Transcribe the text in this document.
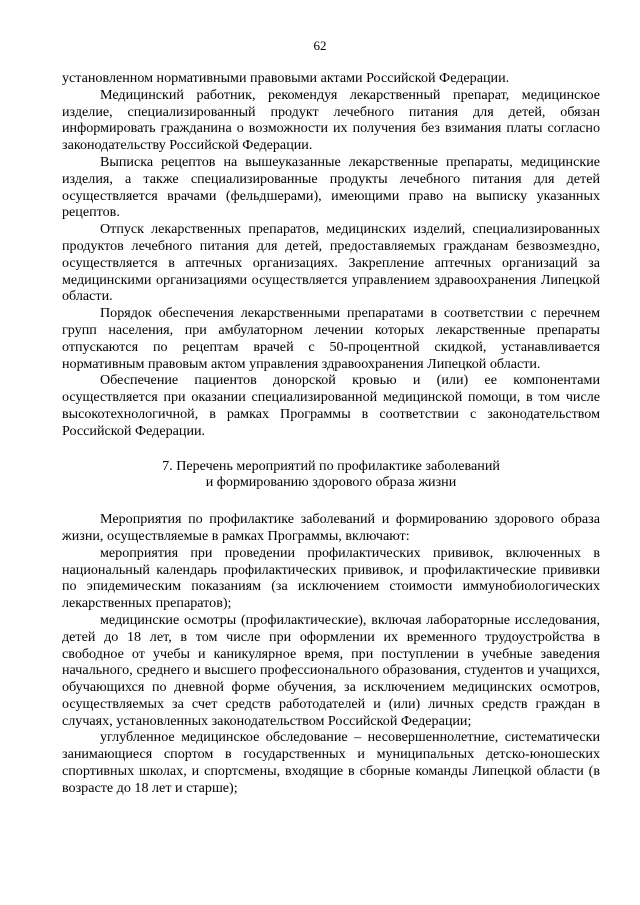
62

установленном нормативными правовыми актами Российской Федерации.

Медицинский работник, рекомендуя лекарственный препарат, медицинское изделие, специализированный продукт лечебного питания для детей, обязан информировать гражданина о возможности их получения без взимания платы согласно законодательству Российской Федерации.

Выписка рецептов на вышеуказанные лекарственные препараты, медицинские изделия, а также специализированные продукты лечебного питания для детей осуществляется врачами (фельдшерами), имеющими право на выписку указанных рецептов.

Отпуск лекарственных препаратов, медицинских изделий, специализированных продуктов лечебного питания для детей, предоставляемых гражданам безвозмездно, осуществляется в аптечных организациях. Закрепление аптечных организаций за медицинскими организациями осуществляется управлением здравоохранения Липецкой области.

Порядок обеспечения лекарственными препаратами в соответствии с перечнем групп населения, при амбулаторном лечении которых лекарственные препараты отпускаются по рецептам врачей с 50-процентной скидкой, устанавливается нормативным правовым актом управления здравоохранения Липецкой области.

Обеспечение пациентов донорской кровью и (или) ее компонентами осуществляется при оказании специализированной медицинской помощи, в том числе высокотехнологичной, в рамках Программы в соответствии с законодательством Российской Федерации.

7. Перечень мероприятий по профилактике заболеваний
и формированию здорового образа жизни

Мероприятия по профилактике заболеваний и формированию здорового образа жизни, осуществляемые в рамках Программы, включают:

мероприятия при проведении профилактических прививок, включенных в национальный календарь профилактических прививок, и профилактические прививки по эпидемическим показаниям (за исключением стоимости иммунобиологических лекарственных препаратов);

медицинские осмотры (профилактические), включая лабораторные исследования, детей до 18 лет, в том числе при оформлении их временного трудоустройства в свободное от учебы и каникулярное время, при поступлении в учебные заведения начального, среднего и высшего профессионального образования, студентов и учащихся, обучающихся по дневной форме обучения, за исключением медицинских осмотров, осуществляемых за счет средств работодателей и (или) личных средств граждан в случаях, установленных законодательством Российской Федерации;

углубленное медицинское обследование – несовершеннолетние, систематически занимающиеся спортом в государственных и муниципальных детско-юношеских спортивных школах, и спортсмены, входящие в сборные команды Липецкой области (в возрасте до 18 лет и старше);
